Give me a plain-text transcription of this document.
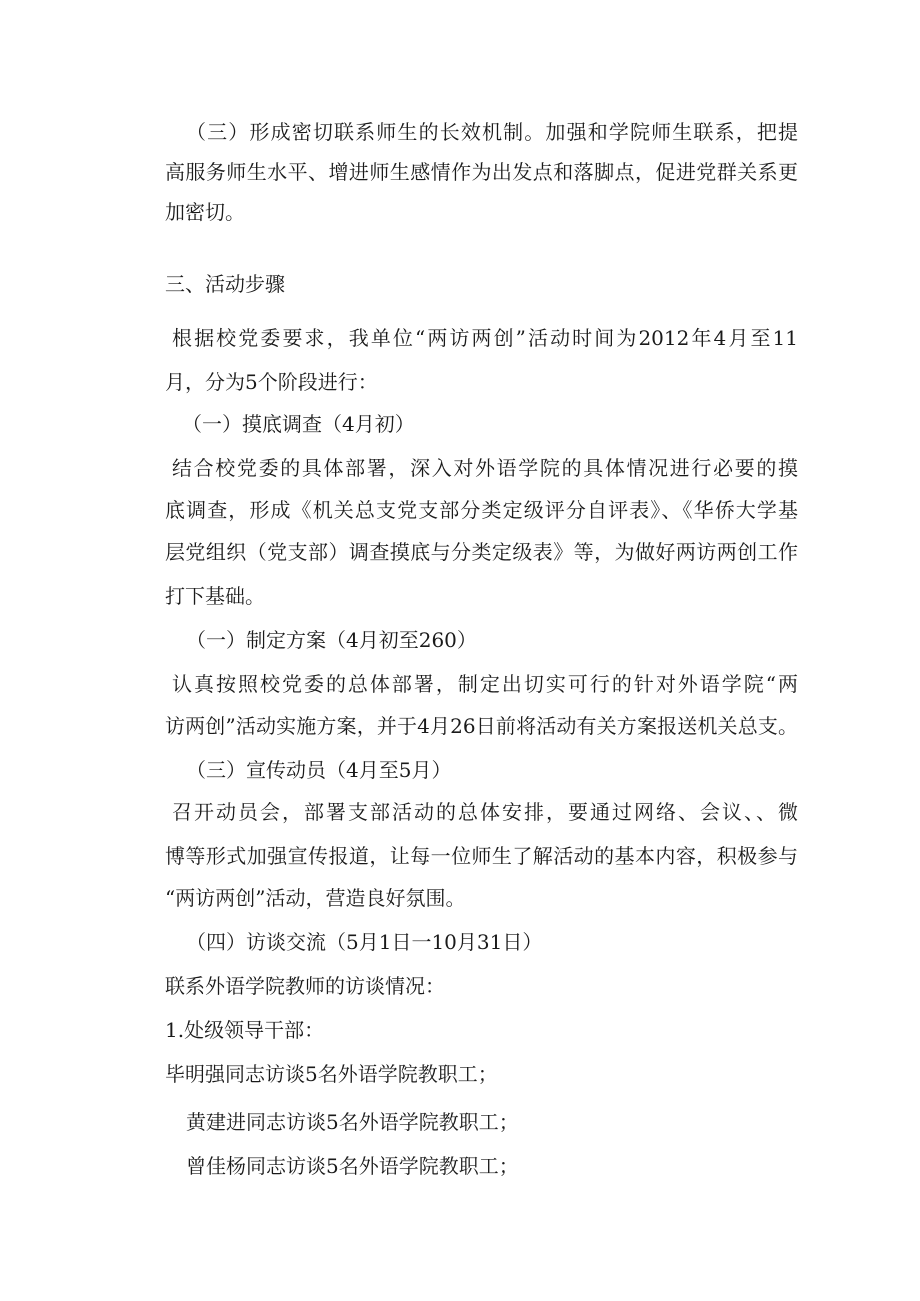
（三）形成密切联系师生的长效机制。加强和学院师生联系，把提

高服务师生水平、增进师生感情作为出发点和落脚点，促进党群关系更

加密切。

三、活动步骤

根据校党委要求，我单位“两访两创”活动时间为2012年4月至11

月，分为5个阶段进行：

（一）摸底调查（4月初）

结合校党委的具体部署，深入对外语学院的具体情况进行必要的摸

底调查，形成《机关总支党支部分类定级评分自评表》、《华侨大学基

层党组织（党支部）调查摸底与分类定级表》等，为做好两访两创工作

打下基础。

（一）制定方案（4月初至260）

认真按照校党委的总体部署，制定出切实可行的针对外语学院“两

访两创”活动实施方案，并于4月26日前将活动有关方案报送机关总支。

（三）宣传动员（4月至5月）

召开动员会，部署支部活动的总体安排，要通过网络、会议、、微

博等形式加强宣传报道，让每一位师生了解活动的基本内容，积极参与

“两访两创”活动，营造良好氛围。

（四）访谈交流（5月1日一10月31日）

联系外语学院教师的访谈情况：

1.处级领导干部：

毕明强同志访谈5名外语学院教职工；

黄建进同志访谈5名外语学院教职工；

曾佳杨同志访谈5名外语学院教职工；
